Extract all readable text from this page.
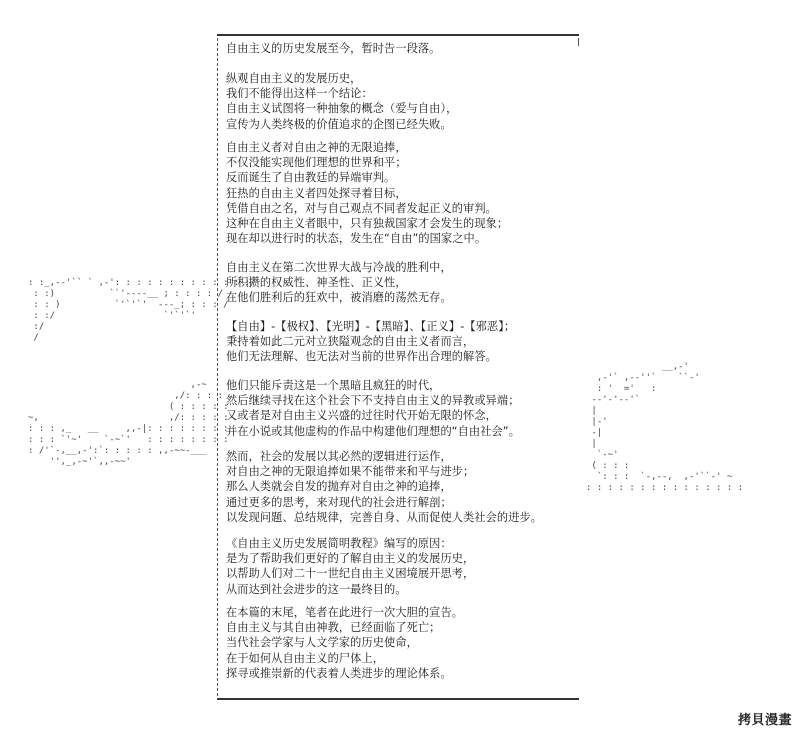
自由主义的历史发展至今，暂时告一段落。
纵观自由主义的发展历史，
我们不能得出这样一个结论：
自由主义试图将一种抽象的概念（爱与自由），
宣传为人类终极的价值追求的企图已经失败。
自由主义者对自由之神的无限追捧，
不仅没能实现他们理想的世界和平；
反而诞生了自由教廷的异端审判。
狂热的自由主义者四处探寻着目标，
凭借自由之名，对与自己观点不同者发起正义的审判。
这种在自由主义者眼中，只有独裁国家才会发生的现象；
现在却以进行时的状态，发生在“自由”的国家之中。
自由主义在第二次世界大战与冷战的胜利中，
所积攒的权威性、神圣性、正义性，
在他们胜利后的狂欢中，被消磨的荡然无存。
【自由】-【极权】、【光明】-【黑暗】、【正义】-【邪恶】；
秉持着如此二元对立狭隘观念的自由主义者而言，
他们无法理解、也无法对当前的世界作出合理的解答。
他们只能斥责这是一个黑暗且疯狂的时代，
然后继续寻找在这个社会下不支持自由主义的异教或异端；
又或者是对自由主义兴盛的过往时代开始无限的怀念，
并在小说或其他虚构的作品中构建他们理想的“自由社会”。
然而，社会的发展以其必然的逻辑进行运作，
对自由之神的无限追捧如果不能带来和平与进步；
那么人类就会自发的抛弃对自由之神的追捧，
通过更多的思考，来对现代的社会进行解剖；
以发现问题、总结规律，完善自身、从而促使人类社会的进步。
《自由主义历史发展简明教程》编写的原因：
是为了帮助我们更好的了解自由主义的发展历史，
以帮助人们对二十一世纪自由主义困境展开思考，
从而达到社会进步的这一最终目的。
在本篇的末尾，笔者在此进行一次大胆的宣告。
自由主义与其自由神教，已经面临了死亡；
当代社会学家与人文学家的历史使命，
在于如何从自由主义的尸体上，
探寻或推崇新的代表着人类进步的理论体系。
: :_,--'`` ` ,-': : : : : : : : : : : : :/
: :)          ``'----__ ; : : : : /
: : )          `'`'`'  ---_; : : : /
: :/                    `'`'`'
:/
/
,-~
,/: : : :
( : : : : :
~,                        ,/: : : : :
: : : ,_   __     ,,-|: : : : : : : :
: : : `'~'    `-~`'   : : : : : : : :
: /'`-,__,-':`: : : : : ,,-~~-___
'',_,-~'`,,-~~'
__,-'
,-'` ,--''`    ``-'
: '  ='   :
--'-'--'`
|
|-'
-|
|
`-~'
( : : :
`: : :  `-,--,  ,-'``-' ~
: : : : : : : : : : : : : : :
拷貝漫畫
